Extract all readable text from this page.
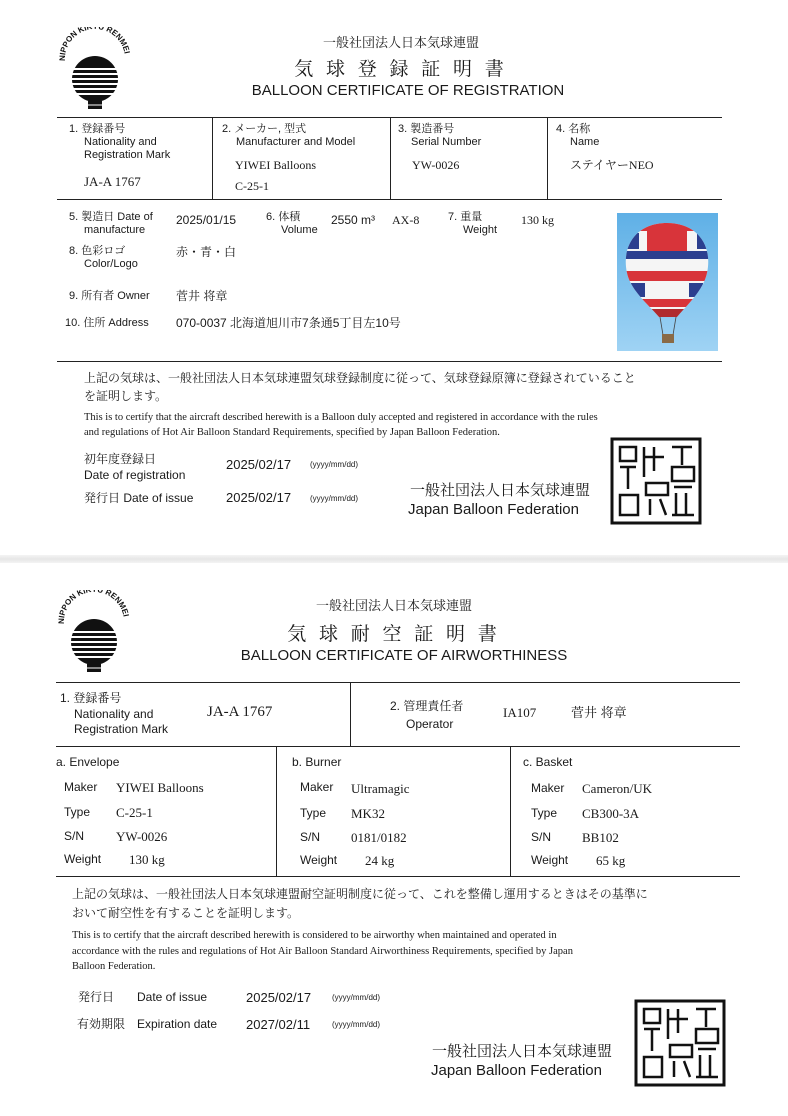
NIPPON KI U RENMEI
一般社団法人日本気球連盟
気 球 登 録 証 明 書
BALLOON CERTIFICATE OF REGISTRATION
1. 登録番号
Nationality and
Registration Mark
JA-A 1767
2. メーカー, 型式
Manufacturer and Model
YIWEI Balloons
C-25-1
3. 製造番号
Serial Number
YW-0026
4. 名称
Name
ステイヤーNEO
5. 製造日 Date of
manufacture
2025/01/15	6. 体積
Volume
2550 m³ AX-8	7. 重量
Weight
130 kg
8. 色彩ロゴ
Color/Logo
赤・青・白
9. 所有者 Owner 菅井 将章
10. 住所 Address 070-0037 北海道旭川市7条通5丁目左10号
上記の気球は、一般社団法人日本気球連盟気球登録制度に従って、気球登録原簿に登録されていること
を証明します。
This is to certify that the aircraft described herewith is a Balloon duly accepted and registered in accordance with the rules
and regulations of Hot Air Balloon Standard Requirements, specified by Japan Balloon Federation.
初年度登録日
Date of registration
2025/02/17 (yyyy/mm/dd)
発行日 Date of issue	2025/02/17 (yyyy/mm/dd)	一般社団法人日本気球連盟
Japan Balloon Federation
NIPPON KI U RENMEI
一般社団法人日本気球連盟
気 球 耐 空 証 明 書
BALLOON CERTIFICATE OF AIRWORTHINESS
1. 登録番号
Nationality and
Registration Mark
JA-A 1767	2. 管理責任者
Operator
IA107	菅井 将章
a. Envelope
Maker YIWEI Balloons
Type C-25-1
S/N YW-0026
Weight 130 kg
b. Burner
Maker Ultramagic
Type MK32
S/N 0181/0182
Weight 24 kg
c. Basket
Maker Cameron/UK
Type CB300-3A
S/N BB102
Weight 65 kg
上記の気球は、一般社団法人日本気球連盟耐空証明制度に従って、これを整備し運用するときはその基準に
おいて耐空性を有することを証明します。
This is to certify that the aircraft described herewith is considered to be airworthy when maintained and operated in
accordance with the rules and regulations of Hot Air Balloon Standard Airworthiness Requirements, specified by Japan
Balloon Federation.
発行日 Date of issue	2025/02/17	(yyyy/mm/dd)
有効期限 Expiration date 2027/02/11	(yyyy/mm/dd)
一般社団法人日本気球連盟
Japan Balloon Federation
